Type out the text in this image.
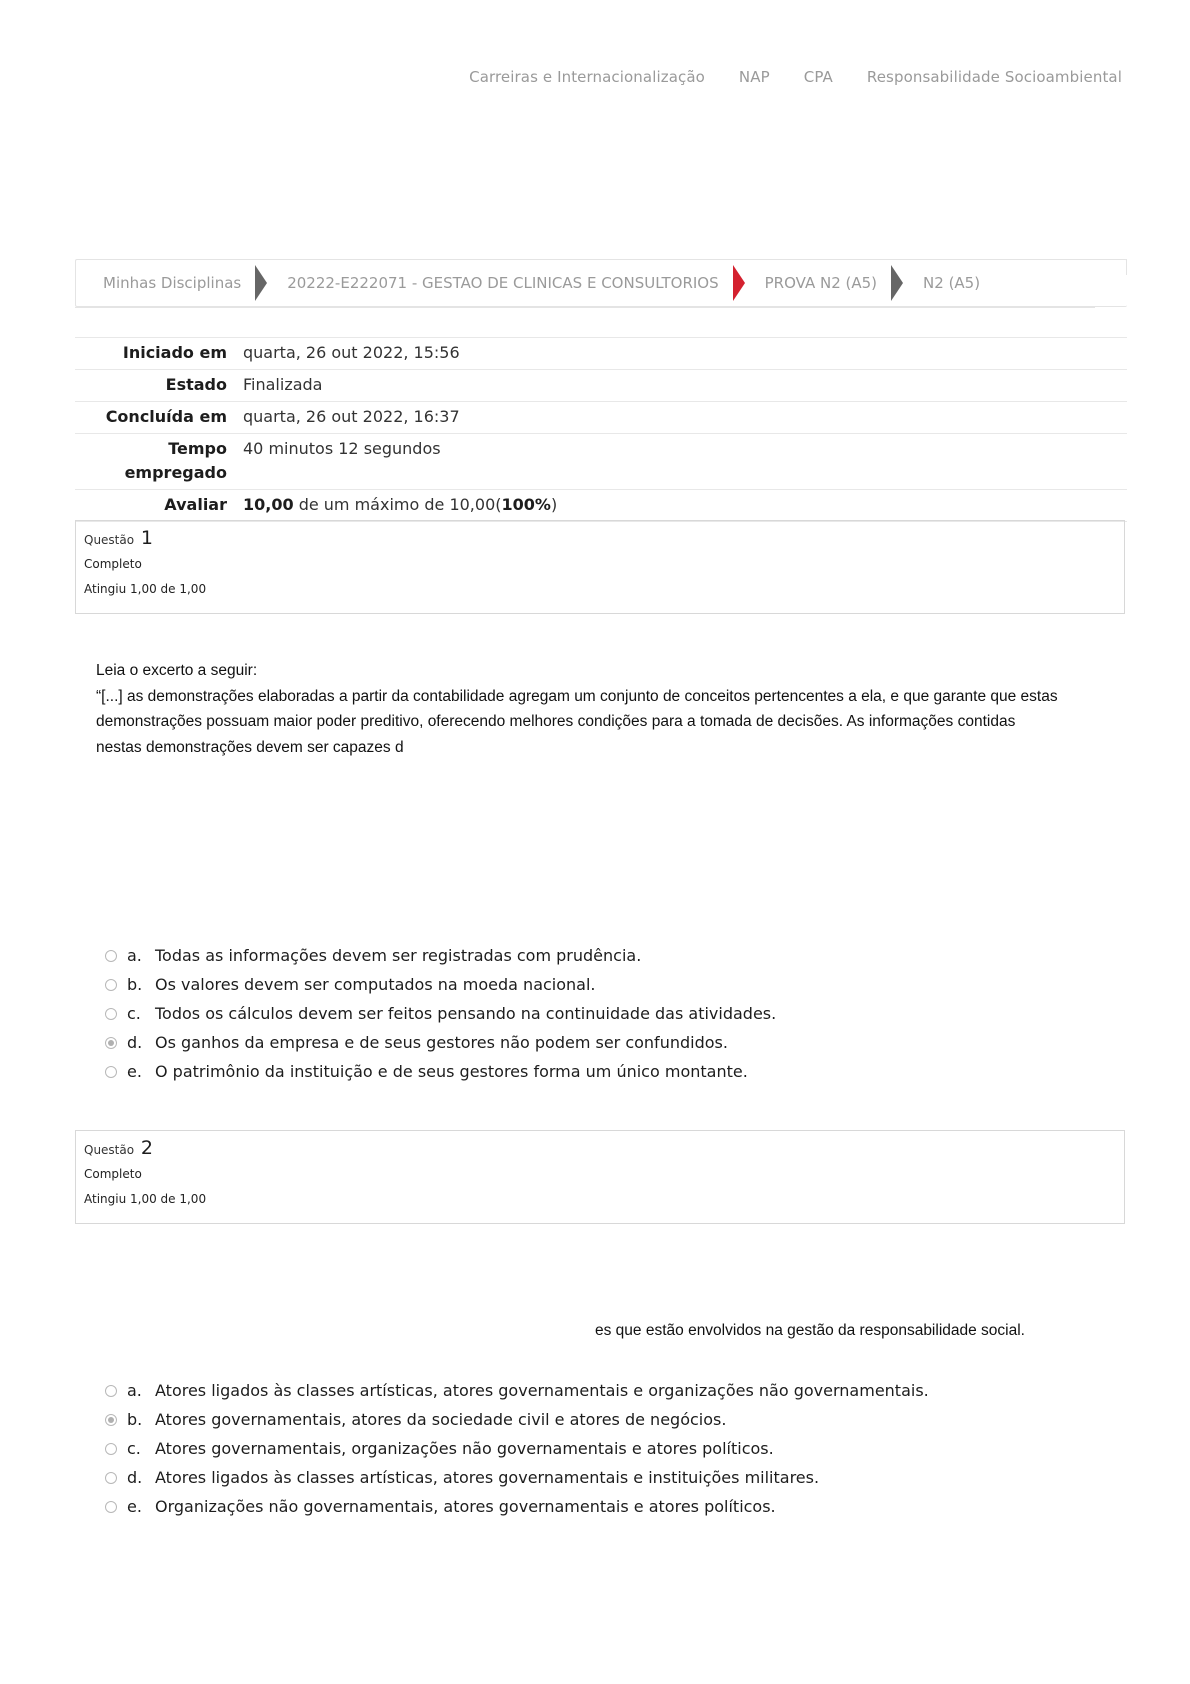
Carreiras e Internacionalização NAP CPA Responsabilidade Socioambiental
Minhas Disciplinas	20222-E222071 - GESTAO DE CLINICAS E CONSULTORIOS	PROVA N2 (A5)	N2 (A5)
Iniciado em	quarta, 26 out 2022, 15:56
Estado	Finalizada
Concluída em	quarta, 26 out 2022, 16:37
Tempo
empregado	40 minutos 12 segundos
Avaliar	10,00 de um máximo de 10,00(100%)
Questão 1
Completo
Atingiu 1,00 de 1,00
Leia o excerto a seguir:
“[...] as demonstrações elaboradas a partir da contabilidade agregam um conjunto de conceitos pertencentes a ela, e que garante que estas
demonstrações possuam maior poder preditivo, oferecendo melhores condições para a tomada de decisões. As informações contidas
nestas demonstrações devem ser capazes d
a. Todas as informações devem ser registradas com prudência.
b. Os valores devem ser computados na moeda nacional.
c. Todos os cálculos devem ser feitos pensando na continuidade das atividades.
d. Os ganhos da empresa e de seus gestores não podem ser confundidos.
e. O patrimônio da instituição e de seus gestores forma um único montante.
Questão 2
Completo
Atingiu 1,00 de 1,00
es que estão envolvidos na gestão da responsabilidade social.
a. Atores ligados às classes artísticas, atores governamentais e organizações não governamentais.
b. Atores governamentais, atores da sociedade civil e atores de negócios.
c. Atores governamentais, organizações não governamentais e atores políticos.
d. Atores ligados às classes artísticas, atores governamentais e instituições militares.
e. Organizações não governamentais, atores governamentais e atores políticos.
